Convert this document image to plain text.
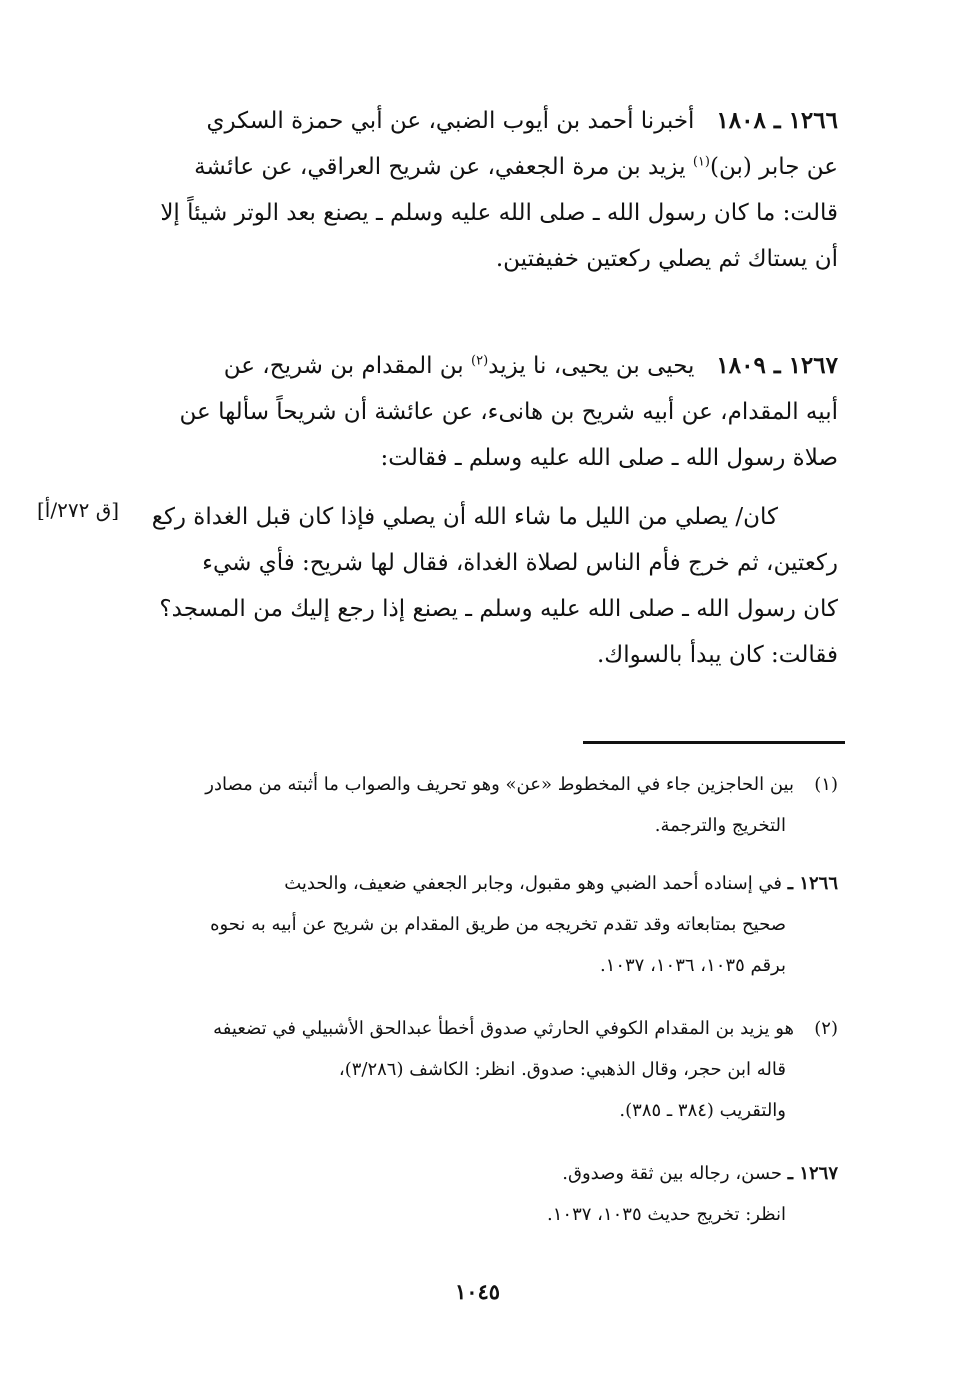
١٢٦٦ ـ ١٨٠٨   أخبرنا أحمد بن أيوب الضبي، عن أبي حمزة السكري
عن جابر (بن)$^{(١)}$ يزيد بن مرة الجعفي، عن شريح العراقي، عن عائشة
قالت: ما كان رسول الله ـ صلى الله عليه وسلم ـ يصنع بعد الوتر شيئاً إلا
أن يستاك ثم يصلي ركعتين خفيفتين.
١٢٦٧ ـ ١٨٠٩   يحيى بن يحيى، نا يزيد$^{(٢)}$ بن المقدام بن شريح، عن
أبيه المقدام، عن أبيه شريح بن هانىء، عن عائشة أن شريحاً سألها عن
صلاة رسول الله ـ صلى الله عليه وسلم ـ فقالت:
كان/ يصلي من الليل ما شاء الله أن يصلي فإذا كان قبل الغداة ركع
ركعتين، ثم خرج فأم الناس لصلاة الغداة، فقال لها شريح: فأي شيء
كان رسول الله ـ صلى الله عليه وسلم ـ يصنع إذا رجع إليك من المسجد؟
فقالت: كان يبدأ بالسواك.
[ق ٢٧٢/أ]
(١)بين الحاجزين جاء في المخطوط «عن» وهو تحريف والصواب ما أثبته من مصادر
التخريج والترجمة.
١٢٦٦ ـ في إسناده أحمد الضبي وهو مقبول، وجابر الجعفي ضعيف، والحديث
صحيح بمتابعاته وقد تقدم تخريجه من طريق المقدام بن شريح عن أبيه به نحوه
برقم ١٠٣٥، ١٠٣٦، ١٠٣٧.
(٢)هو يزيد بن المقدام الكوفي الحارثي صدوق أخطأ عبدالحق الأشبيلي في تضعيفه
قاله ابن حجر، وقال الذهبي: صدوق. انظر: الكاشف (٣/٢٨٦)،
والتقريب (٣٨٤ ـ ٣٨٥).
١٢٦٧ ـ حسن، رجاله بين ثقة وصدوق.
انظر: تخريج حديث ١٠٣٥، ١٠٣٧.
١٠٤٥
